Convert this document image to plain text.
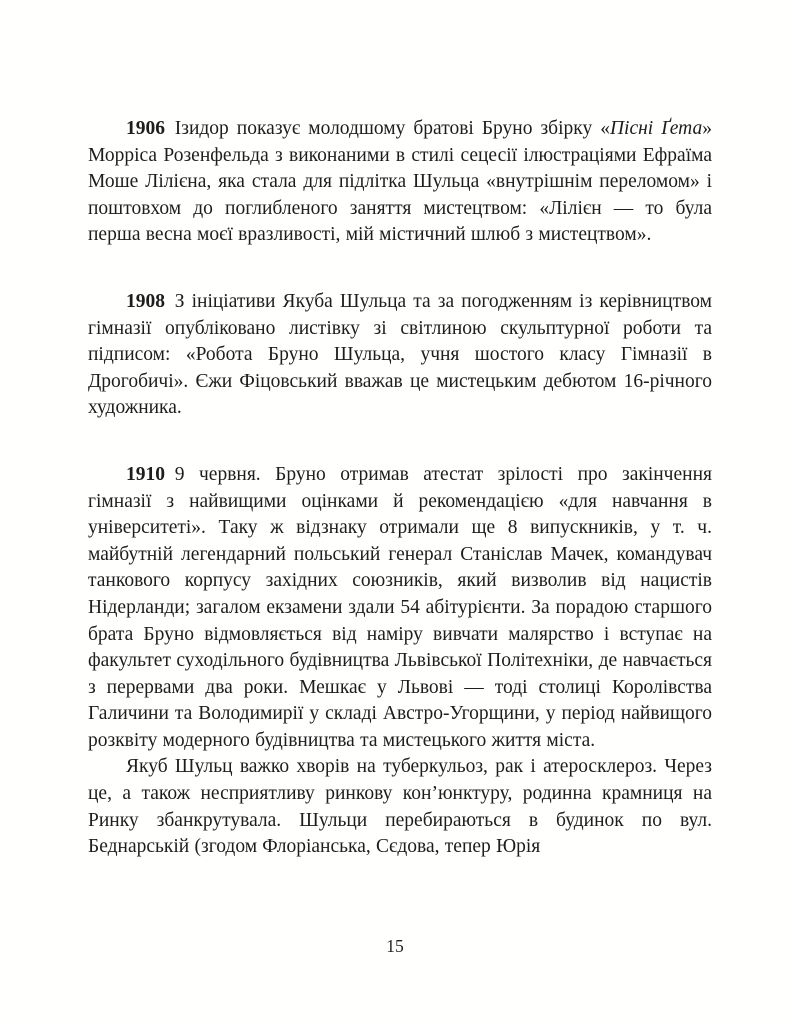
1906 Ізидор показує молодшому братові Бруно збірку «Пісні Ґета» Морріса Розенфельда з виконаними в стилі сецесії ілюстраціями Ефраїма Моше Лілієна, яка стала для підлітка Шульца «внутрішнім переломом» і поштовхом до поглибленого заняття мистецтвом: «Лілієн — то була перша весна моєї вразливості, мій містичний шлюб з мистецтвом».

1908 З ініціативи Якуба Шульца та за погодженням із керівництвом гімназії опубліковано листівку зі світлиною скульптурної роботи та підписом: «Робота Бруно Шульца, учня шостого класу Гімназії в Дрогобичі». Єжи Фіцовський вважав це мистецьким дебютом 16-річного художника.

1910 9 червня. Бруно отримав атестат зрілості про закінчення гімназії з найвищими оцінками й рекомендацією «для навчання в університеті». Таку ж відзнаку отримали ще 8 випускників, у т. ч. майбутній легендарний польський генерал Станіслав Мачек, командувач танкового корпусу західних союзників, який визволив від нацистів Нідерланди; загалом екзамени здали 54 абітурієнти. За порадою старшого брата Бруно відмовляється від наміру вивчати малярство і вступає на факультет суходільного будівництва Львівської Політехніки, де навчається з перервами два роки. Мешкає у Львові — тоді столиці Королівства Галичини та Володимирії у складі Австро-Угорщини, у період найвищого розквіту модерного будівництва та мистецького життя міста.

Якуб Шульц важко хворів на туберкульоз, рак і атеросклероз. Через це, а також несприятливу ринкову кон’юнктуру, родинна крамниця на Ринку збанкрутувала. Шульци перебираються в будинок по вул. Беднарській (згодом Флоріанська, Сєдова, тепер Юрія

15
